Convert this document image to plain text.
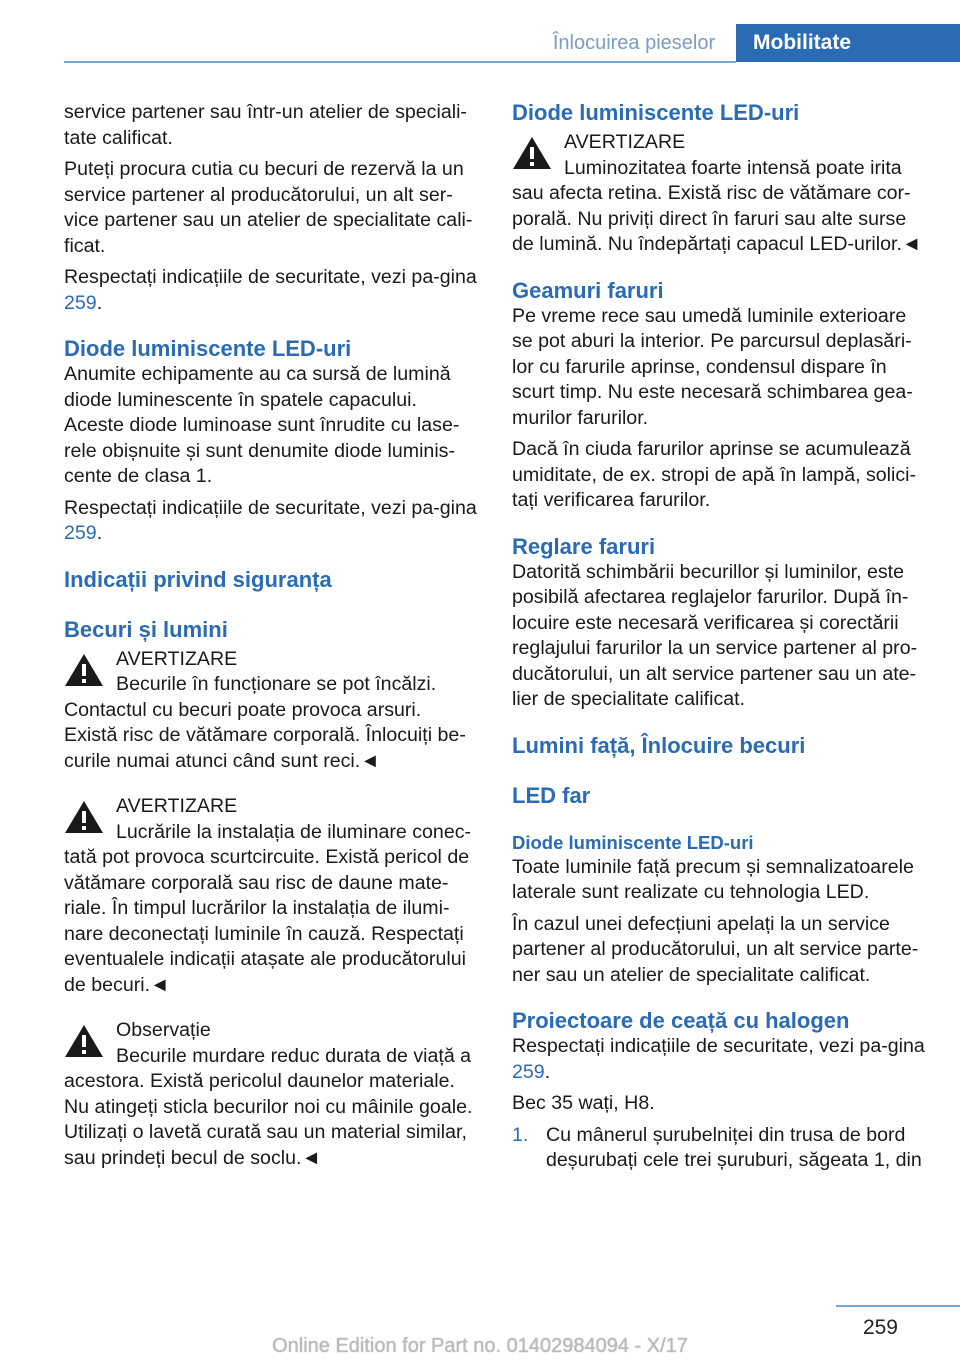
Înlocuirea pieselor	Mobilitate

service partener sau într-un atelier de speciali-tate calificat.

Puteți procura cutia cu becuri de rezervă la un service partener al producătorului, un alt ser-vice partener sau un atelier de specialitate cali-ficat.

Respectați indicațiile de securitate, vezi pa-gina 259.

Diode luminiscente LED-uri

Anumite echipamente au ca sursă de lumină diode luminescente în spatele capacului. Aceste diode luminoase sunt înrudite cu lase-rele obișnuite și sunt denumite diode luminis-cente de clasa 1.

Respectați indicațiile de securitate, vezi pa-gina 259.

Indicații privind siguranța
Becuri și lumini
AVERTIZARE
Becurile în funcționare se pot încălzi.
Contactul cu becuri poate provoca arsuri. Există risc de vătămare corporală. Înlocuiți be-curile numai atunci când sunt reci.◄
AVERTIZARE
Lucrările la instalația de iluminare conec-
tată pot provoca scurtcircuite. Există pericol de vătămare corporală sau risc de daune mate-riale. În timpul lucrărilor la instalația de ilumi-nare deconectați luminile în cauză. Respectați eventualele indicații atașate ale producătorului de becuri.◄
Observație
Becurile murdare reduc durata de viață a
acestora. Există pericolul daunelor materiale. Nu atingeți sticla becurilor noi cu mâinile goale. Utilizați o lavetă curată sau un material similar, sau prindeți becul de soclu.◄
Diode luminiscente LED-uri
AVERTIZARE
Luminozitatea foarte intensă poate irita
sau afecta retina. Există risc de vătămare cor-porală. Nu priviți direct în faruri sau alte surse de lumină. Nu îndepărtați capacul LED-urilor.◄
Geamuri faruri

Pe vreme rece sau umedă luminile exterioare se pot aburi la interior. Pe parcursul deplasări-lor cu farurile aprinse, condensul dispare în scurt timp. Nu este necesară schimbarea gea-murilor farurilor.

Dacă în ciuda farurilor aprinse se acumulează umiditate, de ex. stropi de apă în lampă, solici-tați verificarea farurilor.

Reglare faruri

Datorită schimbării becurillor și luminilor, este posibilă afectarea reglajelor farurilor. După în-locuire este necesară verificarea și corectării reglajului farurilor la un service partener al pro-ducătorului, un alt service partener sau un ate-lier de specialitate calificat.

Lumini față, Înlocuire becuri
LED far
Diode luminiscente LED-uri

Toate luminile față precum și semnalizatoarele laterale sunt realizate cu tehnologia LED.

În cazul unei defecțiuni apelați la un service partener al producătorului, un alt service parte-ner sau un atelier de specialitate calificat.

Proiectoare de ceață cu halogen

Respectați indicațiile de securitate, vezi pa-gina 259.

Bec 35 wați, H8.

1. Cu mânerul șurubelniței din trusa de bord deșurubați cele trei șuruburi, săgeata 1, din
259
Online Edition for Part no. 01402984094 - X/17
